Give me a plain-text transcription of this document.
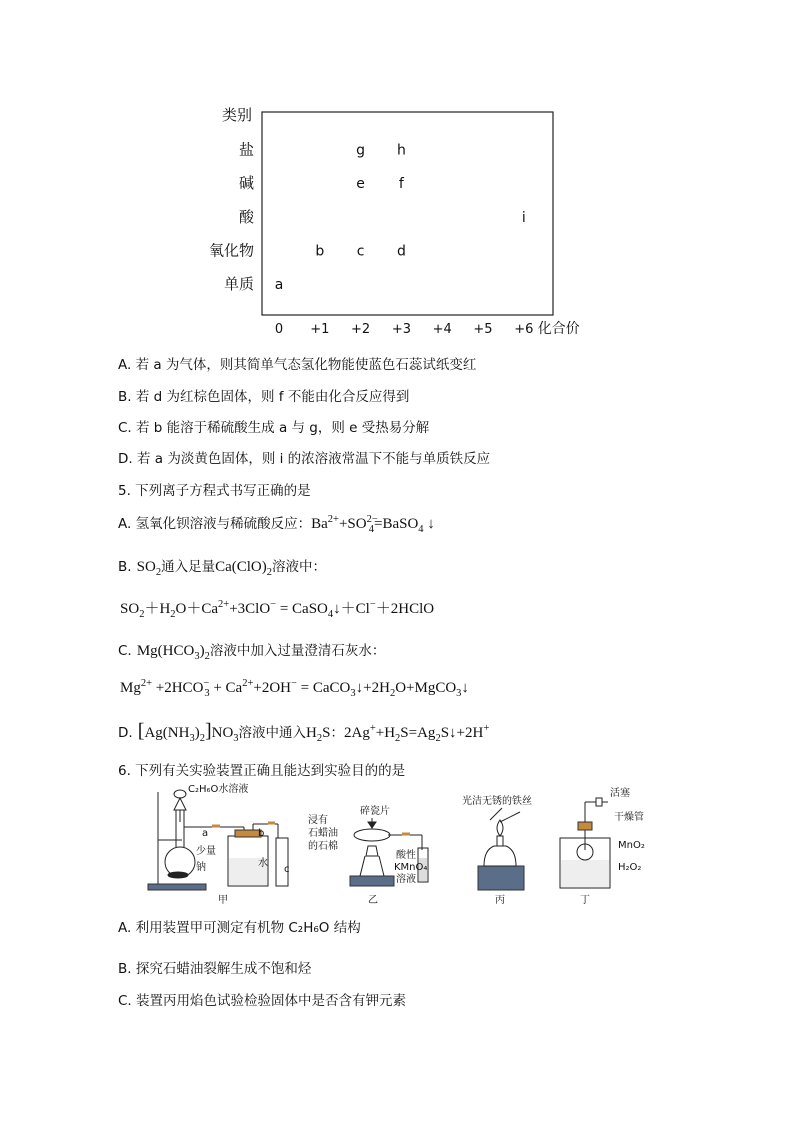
类别
单质
氧化物
酸
碱
盐
0 +1 +2 +3 +4 +5 +6 化合价
a
b c d
e f
g h
i
A. 若 a 为气体，则其简单气态氢化物能使蓝色石蕊试纸变红
B. 若 d 为红棕色固体，则 f 不能由化合反应得到
C. 若 b 能溶于稀硫酸生成 a 与 g，则 e 受热易分解
D. 若 a 为淡黄色固体，则 i 的浓溶液常温下不能与单质铁反应
5. 下列离子方程式书写正确的是
A. 氢氧化钡溶液与稀硫酸反应：$Ba^{2+}+SO^{2-}_4=BaSO_4$ ↓
B. $SO_2$通入足量$Ca(ClO)_2$溶液中：
$SO_2+H_2O+Ca^{2+}+3ClO^-$ = CaSO$_4$↓＋Cl−＋2HClO
C. $Mg(HCO_3)_2$溶液中加入过量澄清石灰水：
$Mg^{2+} +2HCO^-_3 + Ca^{2+}+2OH^-$ = $CaCO_3↓+2H_2O+MgCO_3↓$
D. $[Ag(NH_3)_2]NO_3$溶液中通入$H_2S$：$2Ag^++H_2S=Ag_2S↓+2H^+$
6. 下列有关实验装置正确且能达到实验目的的是
C₂H₆O水溶液
a	b
c
少量
钠	水
甲
浸有
石蜡油
的石棉
碎瓷片
酸性
KMnO₄
溶液
乙
光洁无锈的铁丝
丙
活塞
干燥管
MnO₂
H₂O₂
丁
A. 利用装置甲可测定有机物 C₂H₆O 结构
B. 探究石蜡油裂解生成不饱和烃
C. 装置丙用焰色试验检验固体中是否含有钾元素
